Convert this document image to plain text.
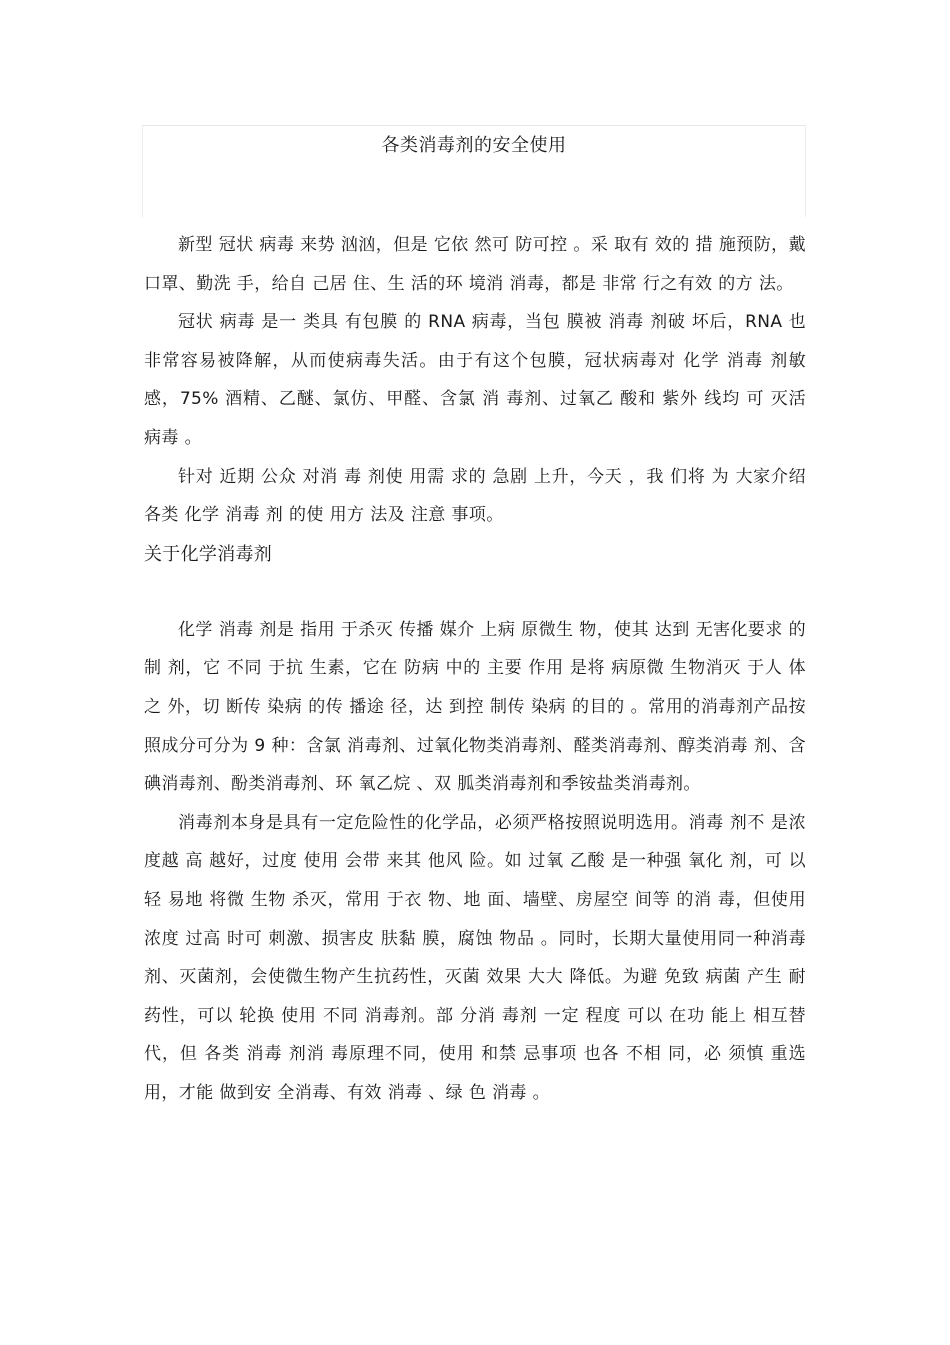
各类消毒剂的安全使用

新型 冠状 病毒 来势 汹汹，但是 它依 然可 防可控 。采 取有 效的 措 施预防，戴 口罩、勤洗 手，给自 己居 住、生 活的环 境消 消毒，都是 非常 行之有效 的方 法。

冠状 病毒 是一 类具 有包膜 的 RNA 病毒，当包 膜被 消毒 剂破 坏后，RNA 也非常容易被降解，从而使病毒失活。由于有这个包膜，冠状病毒对 化学 消毒 剂敏 感，75% 酒精、乙醚、氯仿、甲醛、含氯 消 毒剂、过氧乙 酸和 紫外 线均 可 灭活 病毒 。

针对 近期 公众 对消 毒 剂使 用需 求的 急剧 上升，今天 ，我 们将 为 大家介绍 各类 化学 消毒 剂 的使 用方 法及 注意 事项。

关于化学消毒剂

化学 消毒 剂是 指用 于杀灭 传播 媒介 上病 原微生 物，使其 达到 无害化要求 的制 剂，它 不同 于抗 生素，它在 防病 中的 主要 作用 是将 病原微 生物消灭 于人 体之 外，切 断传 染病 的传 播途 径，达 到控 制传 染病 的目的 。常用的消毒剂产品按照成分可分为 9 种：含氯 消毒剂、过氧化物类消毒剂、醛类消毒剂、醇类消毒 剂、含 碘消毒剂、酚类消毒剂、环 氧乙烷 、双 胍类消毒剂和季铵盐类消毒剂。

消毒剂本身是具有一定危险性的化学品，必须严格按照说明选用。消毒 剂不 是浓 度越 高 越好，过度 使用 会带 来其 他风 险。如 过氧 乙酸 是一种强 氧化 剂，可 以轻 易地 将微 生物 杀灭，常用 于衣 物、地 面、墙壁、房屋空 间等 的消 毒，但使用 浓度 过高 时可 刺激、损害皮 肤黏 膜，腐蚀 物品 。同时，长期大量使用同一种消毒剂、灭菌剂，会使微生物产生抗药性，灭菌 效果 大大 降低。为避 免致 病菌 产生 耐药性，可以 轮换 使用 不同 消毒剂。部 分消 毒剂 一定 程度 可以 在功 能上 相互替 代，但 各类 消毒 剂消 毒原理不同，使用 和禁 忌事项 也各 不相 同，必 须慎 重选 用，才能 做到安 全消毒、有效 消毒 、绿 色 消毒 。
